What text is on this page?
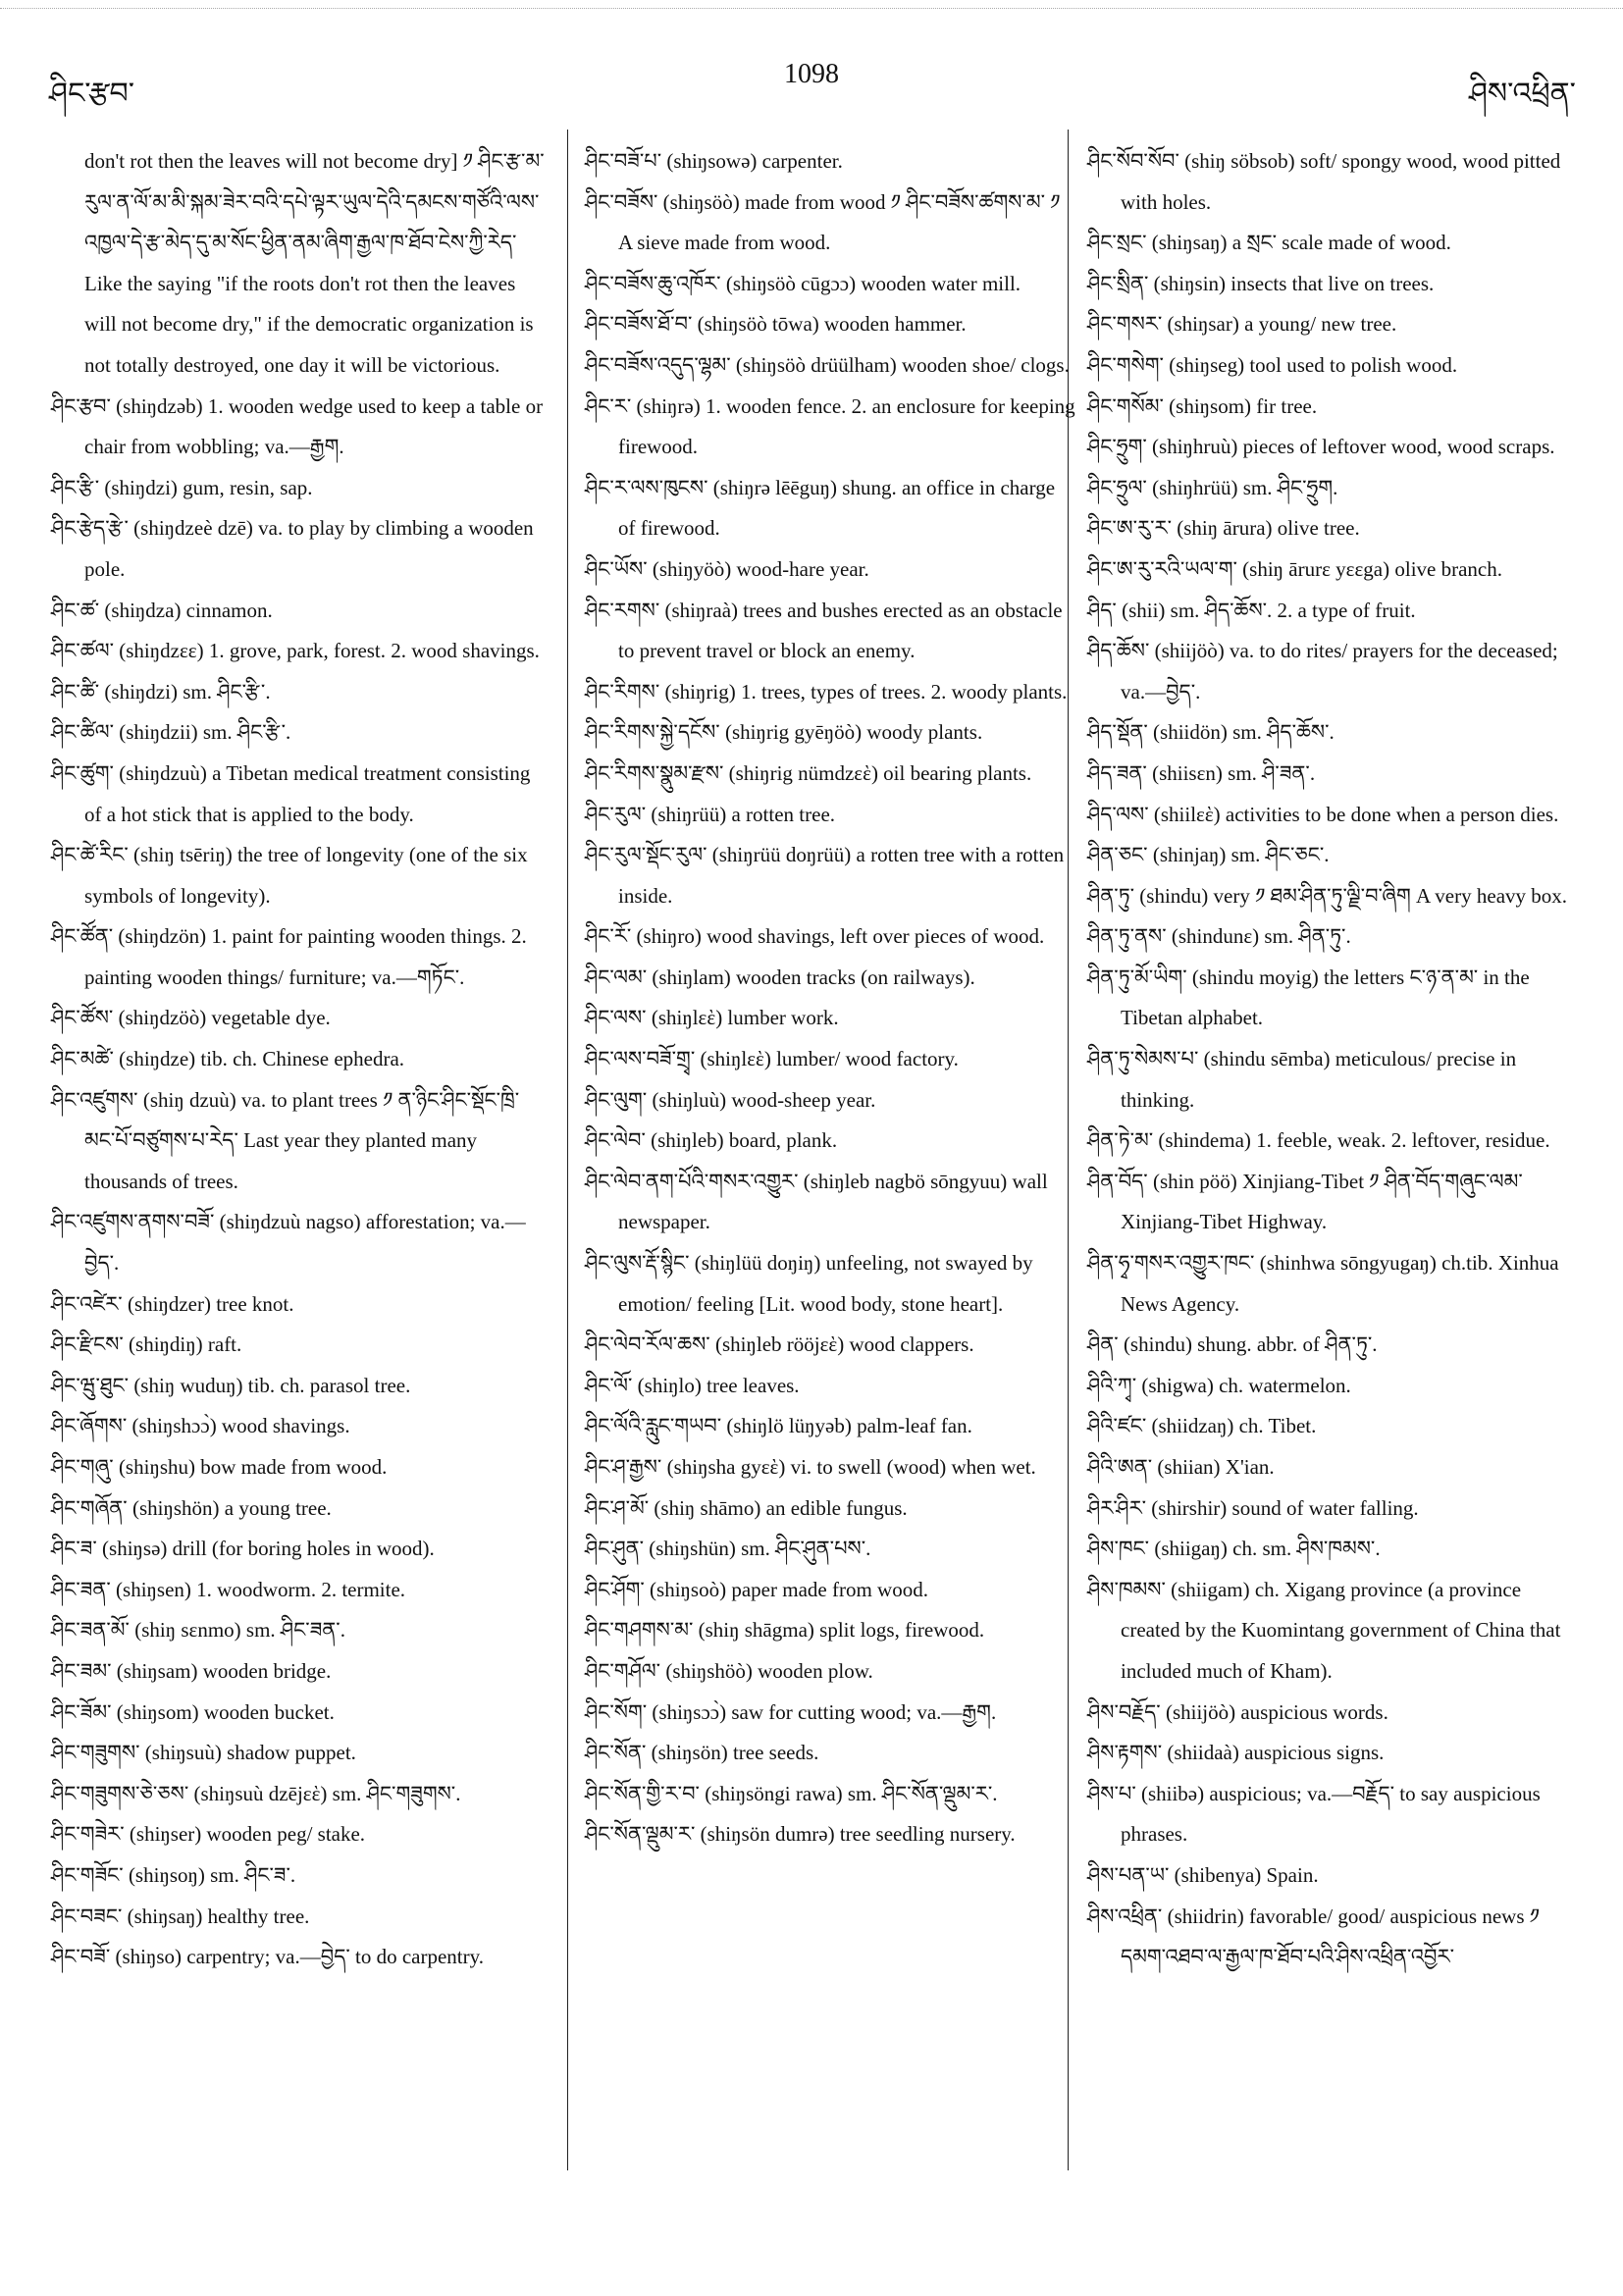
ཤིང་རྩབ་
1098
ཤིས་འཕྲིན་

don't rot then the leaves will not become dry] ༡ ཤིང་རྩ་མ་རུལ་ན་ལོ་མ་མི་སྐམ་ཟེར་བའི་དཔེ་ལྟར་ཡུལ་དེའི་དམངས་གཙོའི་ལས་འཁྱལ་དེ་རྩ་མེད་དུ་མ་སོང་ཕྱིན་ནམ་ཞིག་རྒྱལ་ཁ་ཐོབ་ངེས་ཀྱི་རེད་ Like the saying "if the roots don't rot then the leaves will not become dry," if the democratic organization is not totally destroyed, one day it will be victorious.

ཤིང་རྩབ་ (shiŋdzəb) 1. wooden wedge used to keep a table or chair from wobbling; va.—རྒྱག.

ཤིང་རྩི་ (shiŋdzi) gum, resin, sap.

ཤིང་རྩེད་རྩེ་ (shiŋdzeè dzē) va. to play by climbing a wooden pole.

ཤིང་ཚ་ (shiŋdza) cinnamon.

ཤིང་ཚལ་ (shiŋdzεε) 1. grove, park, forest. 2. wood shavings.

ཤིང་ཚི་ (shiŋdzi) sm. ཤིང་རྩི་.

ཤིང་ཚིལ་ (shiŋdzii) sm. ཤིང་རྩི་.

ཤིང་ཚུག་ (shiŋdzuù) a Tibetan medical treatment consisting of a hot stick that is applied to the body.

ཤིང་ཚེ་རིང་ (shiŋ tsēriŋ) the tree of longevity (one of the six symbols of longevity).

ཤིང་ཚོན་ (shiŋdzön) 1. paint for painting wooden things. 2. painting wooden things/ furniture; va.—གཏོང་.

ཤིང་ཚོས་ (shiŋdzöò) vegetable dye.

ཤིང་མཚེ་ (shiŋdze) tib. ch. Chinese ephedra.

ཤིང་འཛུགས་ (shiŋ dzuù) va. to plant trees ༡ ན་ཉིང་ཤིང་སྡོང་ཁྲི་མང་པོ་བཙུགས་པ་རེད་ Last year they planted many thousands of trees.

ཤིང་འཛུགས་ནགས་བཟོ་ (shiŋdzuù nagso) afforestation; va.—བྱེད་.

ཤིང་འཛེར་ (shiŋdzer) tree knot.

ཤིང་རྫིངས་ (shiŋdiŋ) raft.

ཤིང་ཝུ་ཐུང་ (shiŋ wuduŋ) tib. ch. parasol tree.

ཤིང་ཞོགས་ (shiŋshɔɔ̀) wood shavings.

ཤིང་གཞུ་ (shiŋshu) bow made from wood.

ཤིང་གཞོན་ (shiŋshön) a young tree.

ཤིང་ཟ་ (shiŋsə) drill (for boring holes in wood).

ཤིང་ཟན་ (shiŋsen) 1. woodworm. 2. termite.

ཤིང་ཟན་མོ་ (shiŋ sεnmo) sm. ཤིང་ཟན་.

ཤིང་ཟམ་ (shiŋsam) wooden bridge.

ཤིང་ཟོམ་ (shiŋsom) wooden bucket.

ཤིང་གཟུགས་ (shiŋsuù) shadow puppet.

ཤིང་གཟུགས་ཅེ་ཅས་ (shiŋsuù dzējεὲ) sm. ཤིང་གཟུགས་.

ཤིང་གཟེར་ (shiŋser) wooden peg/ stake.

ཤིང་གཟོང་ (shiŋsoŋ) sm. ཤིང་ཟ་.

ཤིང་བཟང་ (shiŋsaŋ) healthy tree.

ཤིང་བཟོ་ (shiŋso) carpentry; va.—བྱེད་ to do carpentry.

ཤིང་བཟོ་པ་ (shiŋsowə) carpenter.

ཤིང་བཟོས་ (shiŋsöò) made from wood ༡ ཤིང་བཟོས་ཚགས་མ་ ༡ A sieve made from wood.

ཤིང་བཟོས་ཆུ་འཁོར་ (shiŋsöò cūgɔɔ) wooden water mill.

ཤིང་བཟོས་ཐོ་བ་ (shiŋsöò tōwa) wooden hammer.

ཤིང་བཟོས་འདུད་ལྷམ་ (shiŋsöò drüülham) wooden shoe/ clogs.

ཤིང་ར་ (shiŋrə) 1. wooden fence. 2. an enclosure for keeping firewood.

ཤིང་ར་ལས་ཁུངས་ (shiŋrə lēēguŋ) shung. an office in charge of firewood.

ཤིང་ཡོས་ (shiŋyöò) wood-hare year.

ཤིང་རགས་ (shiŋraà) trees and bushes erected as an obstacle to prevent travel or block an enemy.

ཤིང་རིགས་ (shiŋrig) 1. trees, types of trees. 2. woody plants.

ཤིང་རིགས་སྐྱེ་དངོས་ (shiŋrig gyēŋöò) woody plants.

ཤིང་རིགས་སྣུམ་རྫས་ (shiŋrig nümdzεὲ) oil bearing plants.

ཤིང་རུལ་ (shiŋrüü) a rotten tree.

ཤིང་རུལ་སྡོང་རུལ་ (shiŋrüü doŋrüü) a rotten tree with a rotten inside.

ཤིང་རོ་ (shiŋro) wood shavings, left over pieces of wood.

ཤིང་ལམ་ (shiŋlam) wooden tracks (on railways).

ཤིང་ལས་ (shiŋlεὲ) lumber work.

ཤིང་ལས་བཟོ་གྲྭ་ (shiŋlεὲ) lumber/ wood factory.

ཤིང་ལུག་ (shiŋluù) wood-sheep year.

ཤིང་ལེབ་ (shiŋleb) board, plank.

ཤིང་ལེབ་ནག་པོའི་གསར་འགྱུར་ (shiŋleb nagbö sōngyuu) wall newspaper.

ཤིང་ལུས་རྡོ་སྙིང་ (shiŋlüü doŋiŋ) unfeeling, not swayed by emotion/ feeling [Lit. wood body, stone heart].

ཤིང་ལེབ་རོལ་ཆས་ (shiŋleb rööjεὲ) wood clappers.

ཤིང་ལོ་ (shiŋlo) tree leaves.

ཤིང་ལོའི་རླུང་གཡབ་ (shiŋlö lüŋyəb) palm-leaf fan.

ཤིང་ཤ་རྒྱས་ (shiŋsha gyεὲ) vi. to swell (wood) when wet.

ཤིང་ཤ་མོ་ (shiŋ shāmo) an edible fungus.

ཤིང་ཤུན་ (shiŋshün) sm. ཤིང་ཤུན་པས་.

ཤིང་ཤོག་ (shiŋsoò) paper made from wood.

ཤིང་གཤགས་མ་ (shiŋ shāgma) split logs, firewood.

ཤིང་གཤོལ་ (shiŋshöò) wooden plow.

ཤིང་སོག་ (shiŋsɔɔ̀) saw for cutting wood; va.—རྒྱག.

ཤིང་སོན་ (shiŋsön) tree seeds.

ཤིང་སོན་གྱི་ར་བ་ (shiŋsöngi rawa) sm. ཤིང་སོན་ལྡུམ་ར་.

ཤིང་སོན་ལྡུམ་ར་ (shiŋsön dumrə) tree seedling nursery.

ཤིང་སོབ་སོབ་ (shiŋ söbsob) soft/ spongy wood, wood pitted with holes.

ཤིང་སྲང་ (shiŋsaŋ) a སྲང་ scale made of wood.

ཤིང་སྲིན་ (shiŋsin) insects that live on trees.

ཤིང་གསར་ (shiŋsar) a young/ new tree.

ཤིང་གསེག་ (shiŋseg) tool used to polish wood.

ཤིང་གསོམ་ (shiŋsom) fir tree.

ཤིང་ཧྲུག་ (shiŋhruù) pieces of leftover wood, wood scraps.

ཤིང་ཧྲུལ་ (shiŋhrüü) sm. ཤིང་ཧྲུག.

ཤིང་ཨ་རུ་ར་ (shiŋ ārura) olive tree.

ཤིང་ཨ་རུ་རའི་ཡལ་ག་ (shiŋ ārurε yεεga) olive branch.

ཤིད་ (shii) sm. ཤིད་ཆོས་. 2. a type of fruit.

ཤིད་ཆོས་ (shiijöò) va. to do rites/ prayers for the deceased; va.—བྱེད་.

ཤིད་སྡོན་ (shiidön) sm. ཤིད་ཆོས་.

ཤིད་ཟན་ (shiisεn) sm. ཤི་ཟན་.

ཤིད་ལས་ (shiilεὲ) activities to be done when a person dies.

ཤིན་ཅང་ (shinjaŋ) sm. ཤིང་ཅང་.

ཤིན་ཏུ་ (shindu) very ༡ ཐམ་ཤིན་ཏུ་ལྗི་བ་ཞིག A very heavy box.

ཤིན་ཏུ་ནས་ (shindunε) sm. ཤིན་ཏུ་.

ཤིན་ཏུ་མོ་ཡིག་ (shindu moyig) the letters ང་ཉ་ན་མ་ in the Tibetan alphabet.

ཤིན་ཏུ་སེམས་པ་ (shindu sēmba) meticulous/ precise in thinking.

ཤིན་ཏེ་མ་ (shindema) 1. feeble, weak. 2. leftover, residue.

ཤིན་བོད་ (shin pöö) Xinjiang-Tibet ༡ ཤིན་བོད་གཞུང་ལམ་ Xinjiang-Tibet Highway.

ཤིན་ཧྭ་གསར་འགྱུར་ཁང་ (shinhwa sōngyugaŋ) ch.tib. Xinhua News Agency.

ཤིན་ (shindu) shung. abbr. of ཤིན་ཏུ་.

ཤིའི་ཀྭ་ (shigwa) ch. watermelon.

ཤིའི་ཛང་ (shiidzaŋ) ch. Tibet.

ཤིའི་ཨན་ (shiian) X'ian.

ཤིར་ཤིར་ (shirshir) sound of water falling.

ཤིས་ཁང་ (shiigaŋ) ch. sm. ཤིས་ཁམས་.

ཤིས་ཁམས་ (shiigam) ch. Xigang province (a province created by the Kuomintang government of China that included much of Kham).

ཤིས་བརྗོད་ (shiijöò) auspicious words.

ཤིས་རྟགས་ (shiidaà) auspicious signs.

ཤིས་པ་ (shiibə) auspicious; va.—བརྗོད་ to say auspicious phrases.

ཤིས་པན་ཡ་ (shibenya) Spain.

ཤིས་འཕྲིན་ (shiidrin) favorable/ good/ auspicious news ༡ དམག་འཐབ་ལ་རྒྱལ་ཁ་ཐོབ་པའི་ཤིས་འཕྲིན་འབྱོར་
